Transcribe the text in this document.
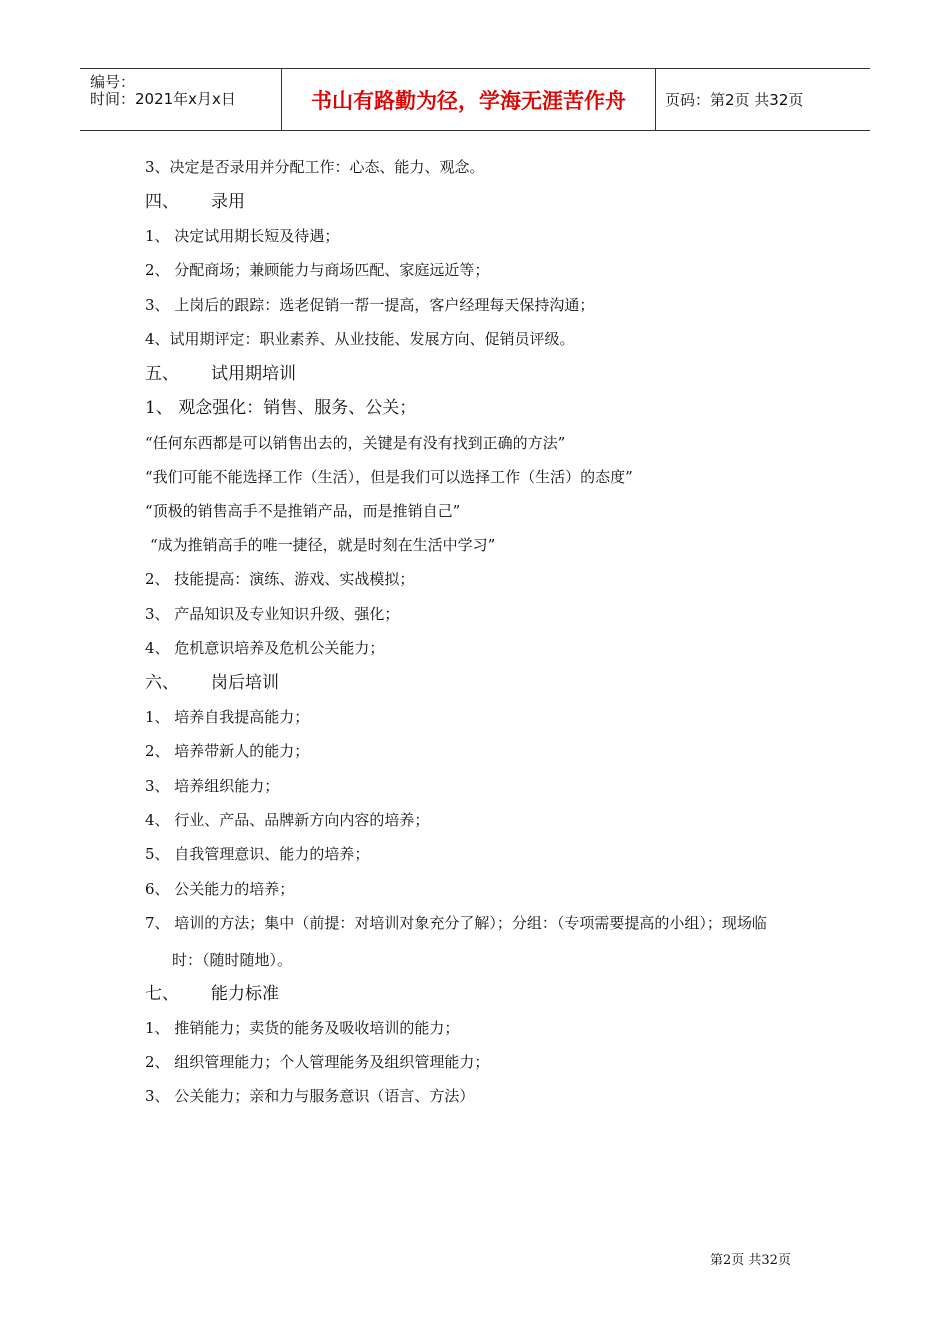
编号：
时间：2021年x月x日	书山有路勤为径，学海无涯苦作舟	页码：第2页 共32页
3、决定是否录用并分配工作：心态、能力、观念。
四、 录用
1、 决定试用期长短及待遇；
2、 分配商场；兼顾能力与商场匹配、家庭远近等；
3、 上岗后的跟踪：选老促销一帮一提高，客户经理每天保持沟通；
4、试用期评定：职业素养、从业技能、发展方向、促销员评级。
五、 试用期培训
1、 观念强化：销售、服务、公关；
“任何东西都是可以销售出去的，关键是有没有找到正确的方法”
“我们可能不能选择工作（生活），但是我们可以选择工作（生活）的态度”
“顶极的销售高手不是推销产品，而是推销自己”
“成为推销高手的唯一捷径，就是时刻在生活中学习”
2、 技能提高：演练、游戏、实战模拟；
3、 产品知识及专业知识升级、强化；
4、 危机意识培养及危机公关能力；
六、 岗后培训
1、 培养自我提高能力；
2、 培养带新人的能力；
3、 培养组织能力；
4、 行业、产品、品牌新方向内容的培养；
5、 自我管理意识、能力的培养；
6、 公关能力的培养；
7、 培训的方法；集中（前提：对培训对象充分了解）；分组：（专项需要提高的小组）；现场临
时：（随时随地）。
七、 能力标准
1、 推销能力；卖货的能务及吸收培训的能力；
2、 组织管理能力；个人管理能务及组织管理能力；
3、 公关能力；亲和力与服务意识（语言、方法）
第2页 共32页
